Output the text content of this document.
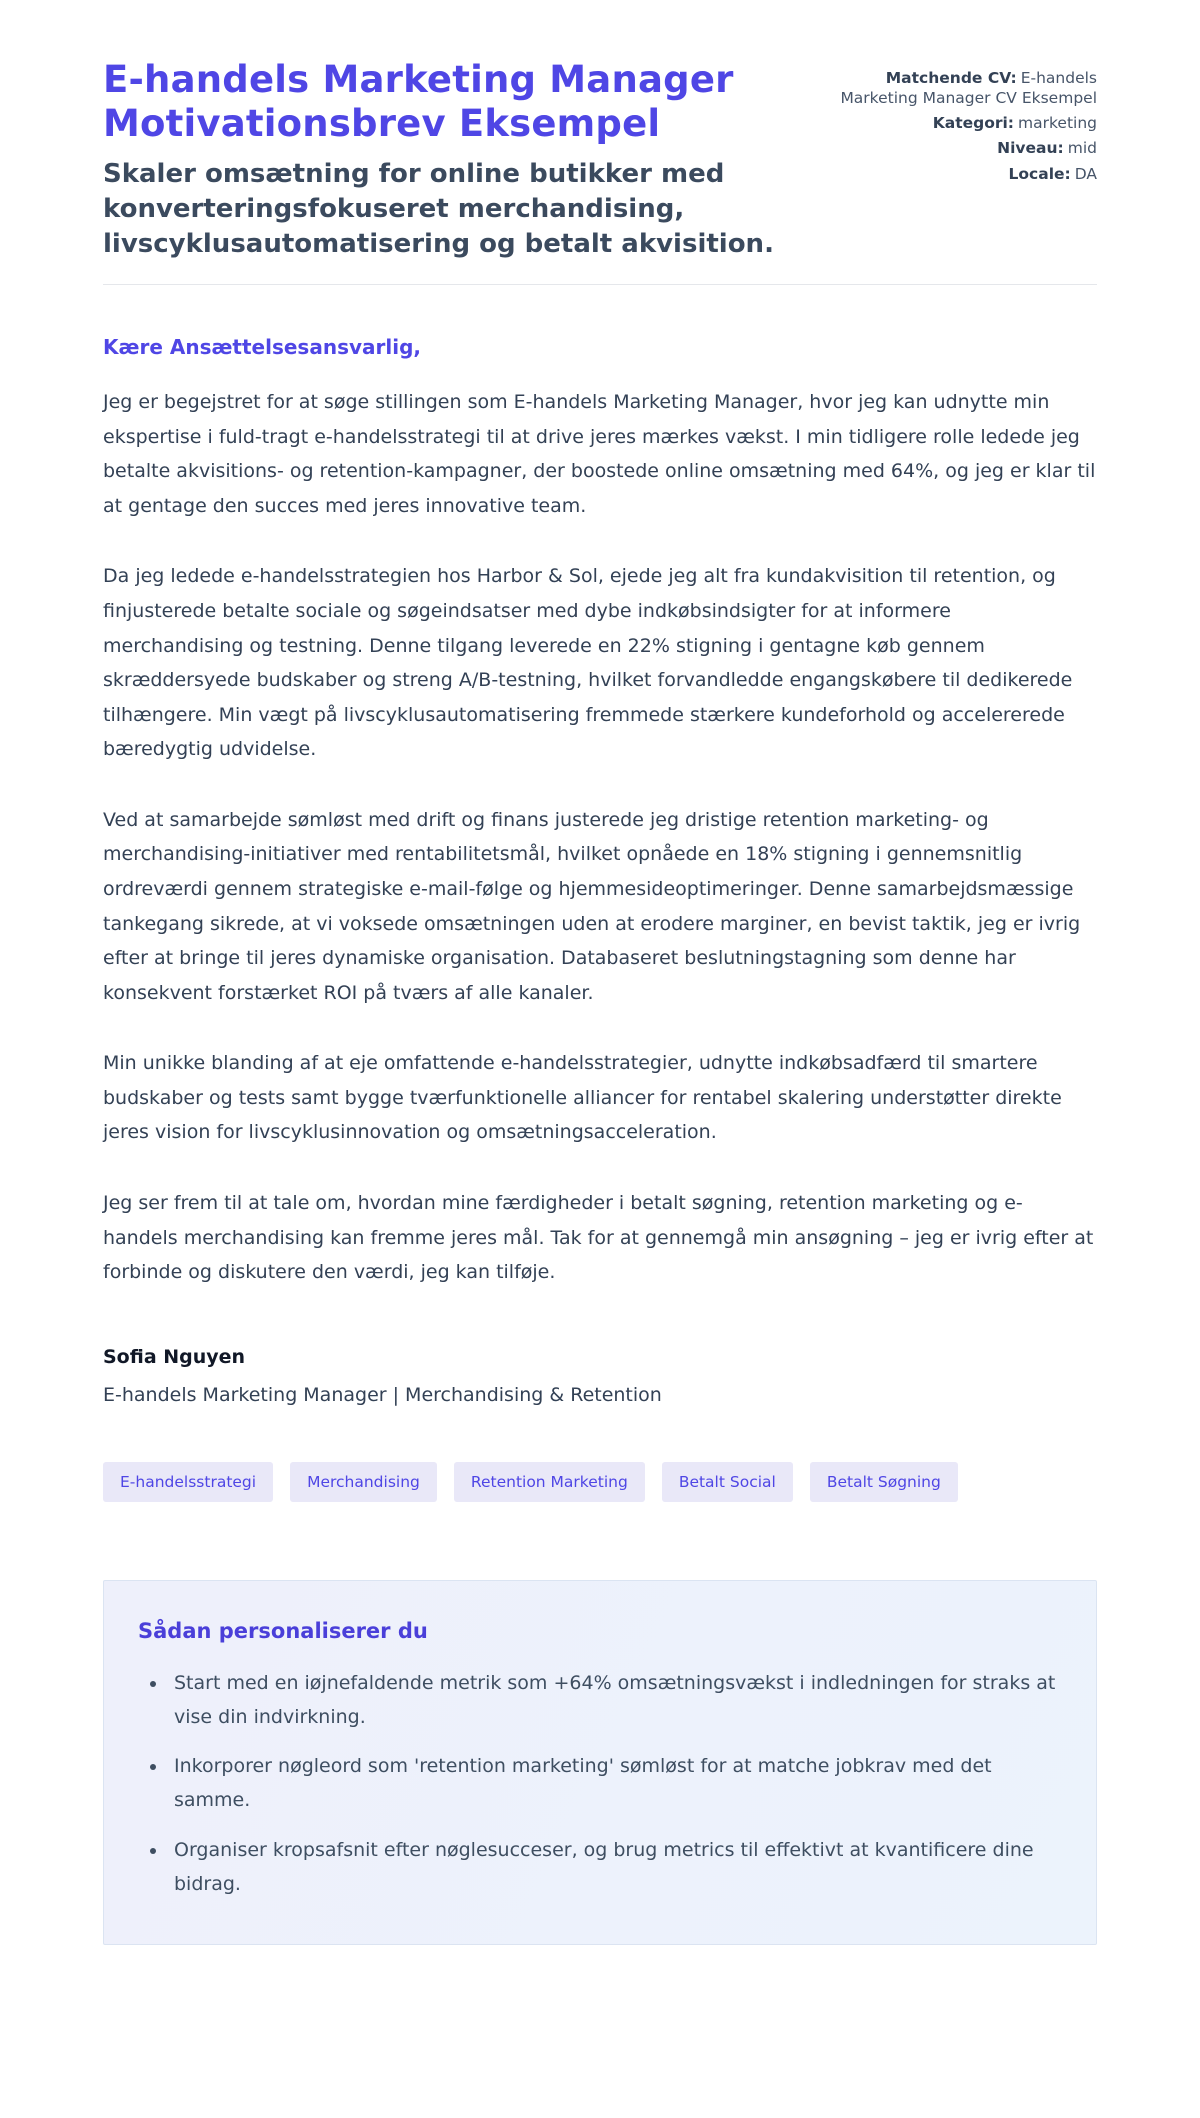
E-handels Marketing Manager Motivationsbrev Eksempel
Skaler omsætning for online butikker med konverteringsfokuseret merchandising, livscyklusautomatisering og betalt akvisition.
Matchende CV: E-handels Marketing Manager CV Eksempel
Kategori: marketing
Niveau: mid
Locale: DA
Kære Ansættelsesansvarlig,

Jeg er begejstret for at søge stillingen som E-handels Marketing Manager, hvor jeg kan udnytte min ekspertise i fuld-tragt e-handelsstrategi til at drive jeres mærkes vækst. I min tidligere rolle ledede jeg betalte akvisitions- og retention-kampagner, der boostede online omsætning med 64%, og jeg er klar til at gentage den succes med jeres innovative team.

Da jeg ledede e-handelsstrategien hos Harbor & Sol, ejede jeg alt fra kundakvisition til retention, og finjusterede betalte sociale og søgeindsatser med dybe indkøbsindsigter for at informere merchandising og testning. Denne tilgang leverede en 22% stigning i gentagne køb gennem skræddersyede budskaber og streng A/B-testning, hvilket forvandledde engangskøbere til dedikerede tilhængere. Min vægt på livscyklusautomatisering fremmede stærkere kundeforhold og accelererede bæredygtig udvidelse.

Ved at samarbejde sømløst med drift og finans justerede jeg dristige retention marketing- og merchandising-initiativer med rentabilitetsmål, hvilket opnåede en 18% stigning i gennemsnitlig ordreværdi gennem strategiske e-mail-følge og hjemmesideoptimeringer. Denne samarbejdsmæssige tankegang sikrede, at vi voksede omsætningen uden at erodere marginer, en bevist taktik, jeg er ivrig efter at bringe til jeres dynamiske organisation. Databaseret beslutningstagning som denne har konsekvent forstærket ROI på tværs af alle kanaler.

Min unikke blanding af at eje omfattende e-handelsstrategier, udnytte indkøbsadfærd til smartere budskaber og tests samt bygge tværfunktionelle alliancer for rentabel skalering understøtter direkte jeres vision for livscyklusinnovation og omsætningsacceleration.

Jeg ser frem til at tale om, hvordan mine færdigheder i betalt søgning, retention marketing og e-handels merchandising kan fremme jeres mål. Tak for at gennemgå min ansøgning – jeg er ivrig efter at forbinde og diskutere den værdi, jeg kan tilføje.

Sofia Nguyen
E-handels Marketing Manager | Merchandising & Retention
E-handelsstrategi	Merchandising	Retention Marketing	Betalt Social	Betalt Søgning
Sådan personaliserer du
• Start med en iøjnefaldende metrik som +64% omsætningsvækst i indledningen for straks at vise din indvirkning.
• Inkorporer nøgleord som 'retention marketing' sømløst for at matche jobkrav med det samme.
• Organiser kropsafsnit efter nøglesucceser, og brug metrics til effektivt at kvantificere dine bidrag.
